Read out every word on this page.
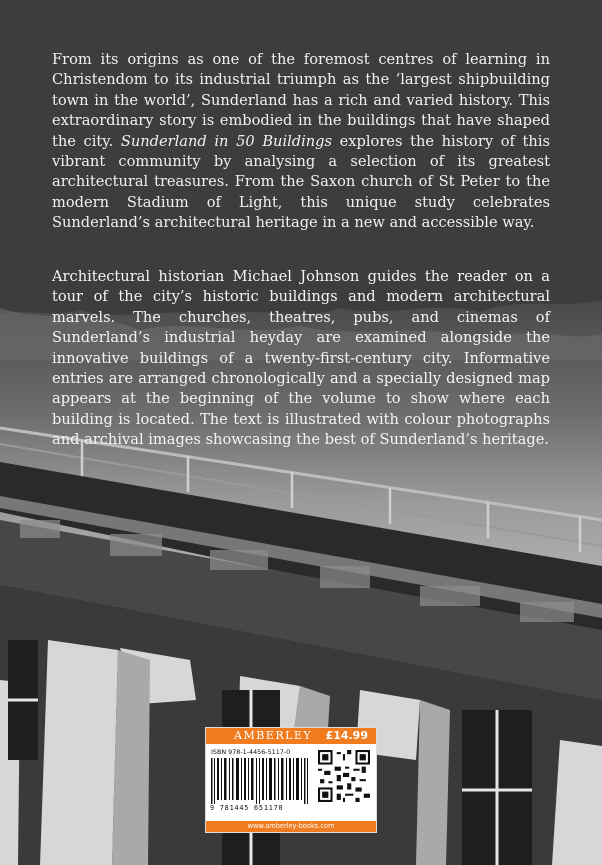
From its origins as one of the foremost centres of learning in Christendom to its industrial triumph as the ‘largest shipbuilding town in the world’, Sunderland has a rich and varied history. This extraordinary story is embodied in the buildings that have shaped the city. Sunderland in 50 Buildings explores the history of this vibrant community by analysing a selection of its greatest architectural treasures. From the Saxon church of St Peter to the modern Stadium of Light, this unique study celebrates Sunderland’s architectural heritage in a new and accessible way.
Architectural historian Michael Johnson guides the reader on a tour of the city’s historic buildings and modern architectural marvels. The churches, theatres, pubs, and cinemas of Sunderland’s industrial heyday are examined alongside the innovative buildings of a twenty-first-century city. Informative entries are arranged chronologically and a specially designed map appears at the beginning of the volume to show where each building is located. The text is illustrated with colour photographs and archival images showcasing the best of Sunderland’s heritage.
AMBERLEY £14.99
ISBN 978-1-4456-5117-0
9 781445 651170
www.amberley-books.com
